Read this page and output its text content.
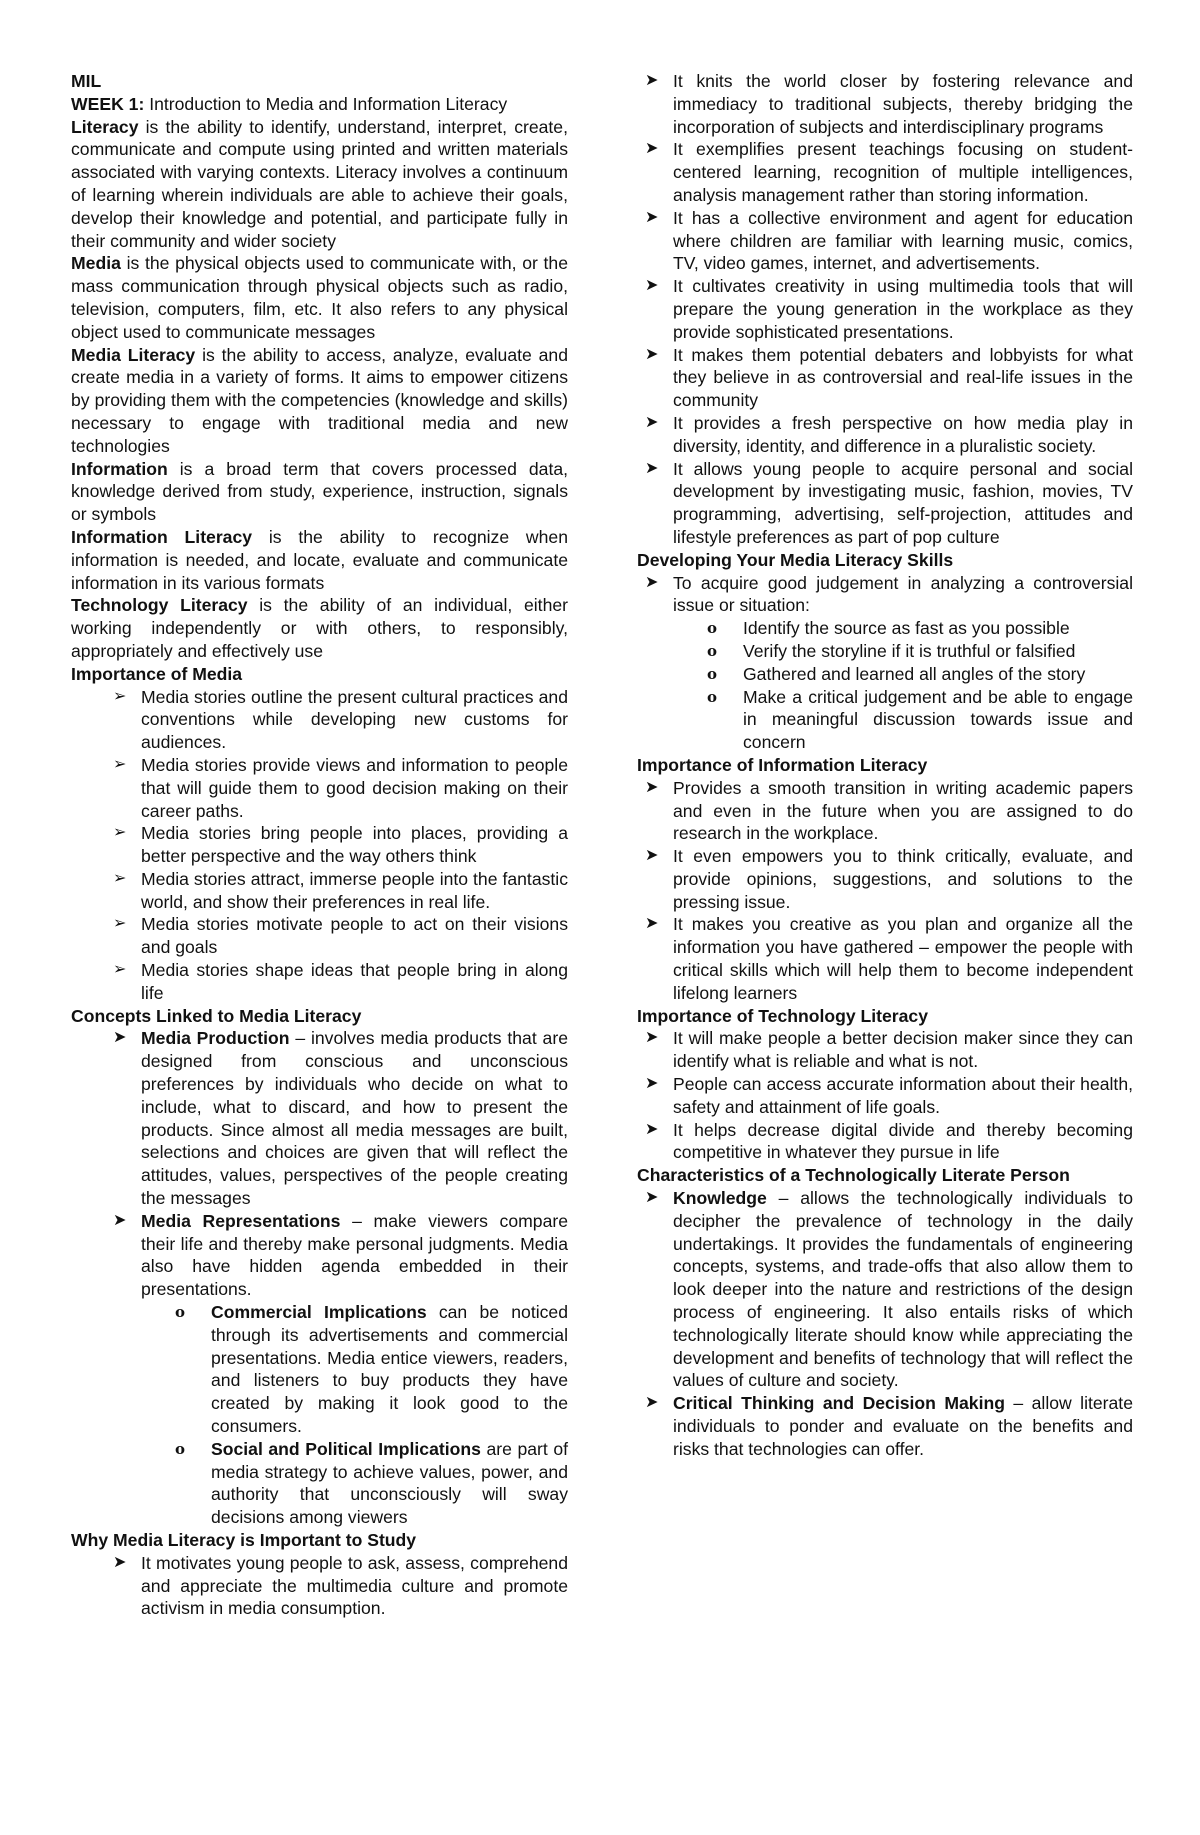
MIL

WEEK 1: Introduction to Media and Information Literacy

Literacy is the ability to identify, understand, interpret, create, communicate and compute using printed and written materials associated with varying contexts. Literacy involves a continuum of learning wherein individuals are able to achieve their goals, develop their knowledge and potential, and participate fully in their community and wider society

Media is the physical objects used to communicate with, or the mass communication through physical objects such as radio, television, computers, film, etc. It also refers to any physical object used to communicate messages

Media Literacy is the ability to access, analyze, evaluate and create media in a variety of forms. It aims to empower citizens by providing them with the competencies (knowledge and skills) necessary to engage with traditional media and new technologies

Information is a broad term that covers processed data, knowledge derived from study, experience, instruction, signals or symbols

Information Literacy is the ability to recognize when information is needed, and locate, evaluate and communicate information in its various formats

Technology Literacy is the ability of an individual, either working independently or with others, to responsibly, appropriately and effectively use

Importance of Media

➢ Media stories outline the present cultural practices and conventions while developing new customs for audiences.
➢ Media stories provide views and information to people that will guide them to good decision making on their career paths.
➢ Media stories bring people into places, providing a better perspective and the way others think
➢ Media stories attract, immerse people into the fantastic world, and show their preferences in real life.
➢ Media stories motivate people to act on their visions and goals
➢ Media stories shape ideas that people bring in along life

Concepts Linked to Media Literacy

➤ Media Production – involves media products that are designed from conscious and unconscious preferences by individuals who decide on what to include, what to discard, and how to present the products. Since almost all media messages are built, selections and choices are given that will reflect the attitudes, values, perspectives of the people creating the messages
➤ Media Representations – make viewers compare their life and thereby make personal judgments. Media also have hidden agenda embedded in their presentations.
o Commercial Implications can be noticed through its advertisements and commercial presentations. Media entice viewers, readers, and listeners to buy products they have created by making it look good to the consumers.
o Social and Political Implications are part of media strategy to achieve values, power, and authority that unconsciously will sway decisions among viewers

Why Media Literacy is Important to Study

➤ It motivates young people to ask, assess, comprehend and appreciate the multimedia culture and promote activism in media consumption.
➤ It knits the world closer by fostering relevance and immediacy to traditional subjects, thereby bridging the incorporation of subjects and interdisciplinary programs
➤ It exemplifies present teachings focusing on student-centered learning, recognition of multiple intelligences, analysis management rather than storing information.
➤ It has a collective environment and agent for education where children are familiar with learning music, comics, TV, video games, internet, and advertisements.
➤ It cultivates creativity in using multimedia tools that will prepare the young generation in the workplace as they provide sophisticated presentations.
➤ It makes them potential debaters and lobbyists for what they believe in as controversial and real-life issues in the community
➤ It provides a fresh perspective on how media play in diversity, identity, and difference in a pluralistic society.
➤ It allows young people to acquire personal and social development by investigating music, fashion, movies, TV programming, advertising, self-projection, attitudes and lifestyle preferences as part of pop culture

Developing Your Media Literacy Skills

➤ To acquire good judgement in analyzing a controversial issue or situation:
o Identify the source as fast as you possible
o Verify the storyline if it is truthful or falsified
o Gathered and learned all angles of the story
o Make a critical judgement and be able to engage in meaningful discussion towards issue and concern

Importance of Information Literacy

➤ Provides a smooth transition in writing academic papers and even in the future when you are assigned to do research in the workplace.
➤ It even empowers you to think critically, evaluate, and provide opinions, suggestions, and solutions to the pressing issue.
➤ It makes you creative as you plan and organize all the information you have gathered – empower the people with critical skills which will help them to become independent lifelong learners

Importance of Technology Literacy

➤ It will make people a better decision maker since they can identify what is reliable and what is not.
➤ People can access accurate information about their health, safety and attainment of life goals.
➤ It helps decrease digital divide and thereby becoming competitive in whatever they pursue in life

Characteristics of a Technologically Literate Person

➤ Knowledge – allows the technologically individuals to decipher the prevalence of technology in the daily undertakings. It provides the fundamentals of engineering concepts, systems, and trade-offs that also allow them to look deeper into the nature and restrictions of the design process of engineering. It also entails risks of which technologically literate should know while appreciating the development and benefits of technology that will reflect the values of culture and society.
➤ Critical Thinking and Decision Making – allow literate individuals to ponder and evaluate on the benefits and risks that technologies can offer.
